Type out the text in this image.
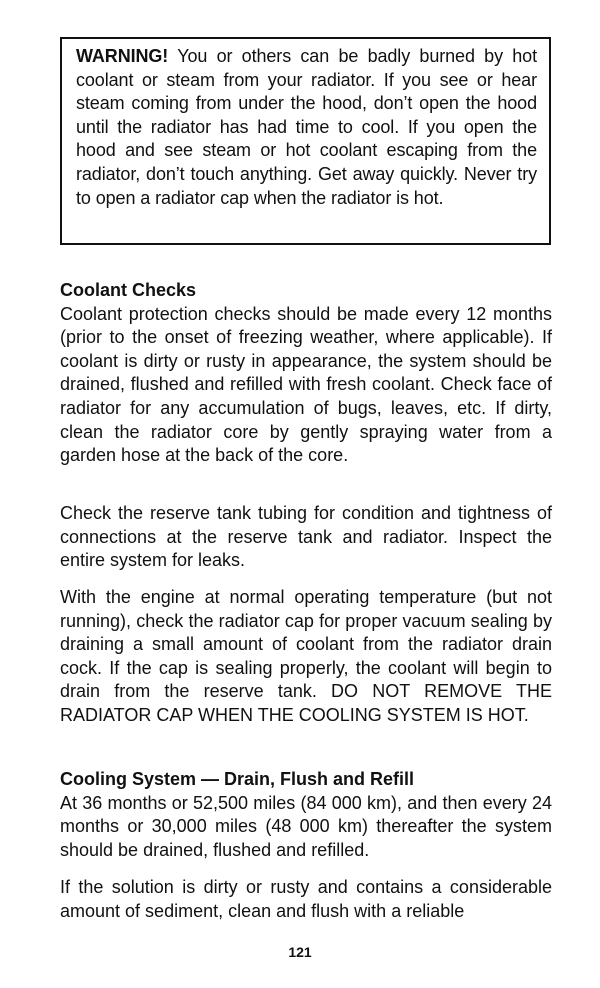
WARNING! You or others can be badly burned by hot coolant or steam from your radiator. If you see or hear steam coming from under the hood, don’t open the hood until the radiator has had time to cool. If you open the hood and see steam or hot coolant escaping from the radiator, don’t touch anything. Get away quickly. Never try to open a radiator cap when the radiator is hot.
Coolant Checks

Coolant protection checks should be made every 12 months (prior to the onset of freezing weather, where applicable). If coolant is dirty or rusty in appearance, the system should be drained, flushed and refilled with fresh coolant. Check face of radiator for any accumulation of bugs, leaves, etc. If dirty, clean the radiator core by gently spraying water from a garden hose at the back of the core.

Check the reserve tank tubing for condition and tightness of connections at the reserve tank and radiator. Inspect the entire system for leaks.

With the engine at normal operating temperature (but not running), check the radiator cap for proper vacuum sealing by draining a small amount of coolant from the radiator drain cock. If the cap is sealing properly, the coolant will begin to drain from the reserve tank. DO NOT REMOVE THE RADIATOR CAP WHEN THE COOLING SYSTEM IS HOT.

Cooling System — Drain, Flush and Refill

At 36 months or 52,500 miles (84 000 km), and then every 24 months or 30,000 miles (48 000 km) thereafter the system should be drained, flushed and refilled.

If the solution is dirty or rusty and contains a considerable amount of sediment, clean and flush with a reliable

121
